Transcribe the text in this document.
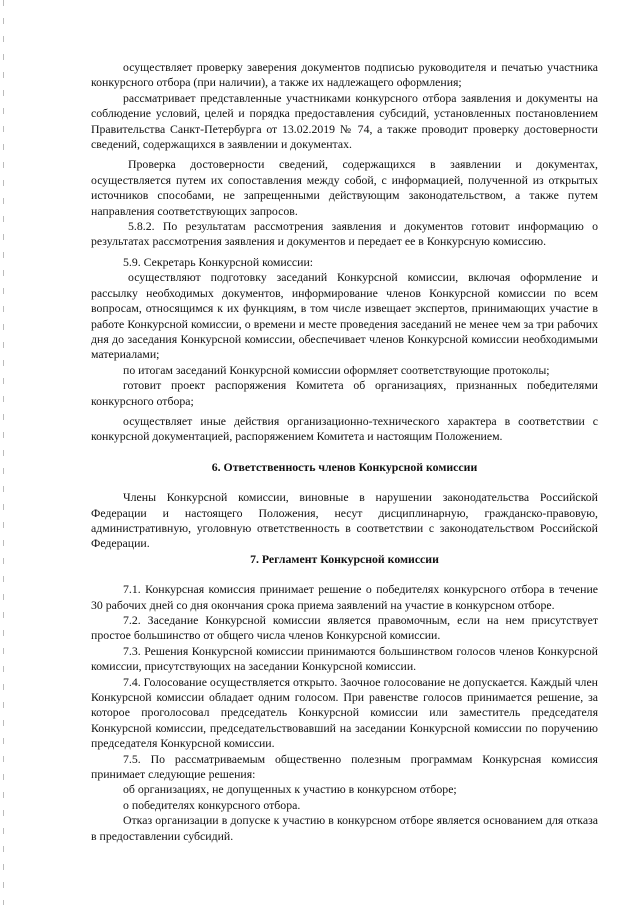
осуществляет проверку заверения документов подписью руководителя и печатью участника конкурсного отбора (при наличии), а также их надлежащего оформления;

рассматривает представленные участниками конкурсного отбора заявления и документы на соблюдение условий, целей и порядка предоставления субсидий, установленных постановлением Правительства Санкт-Петербурга от 13.02.2019 № 74, а также проводит проверку достоверности сведений, содержащихся в заявлении и документах.

Проверка достоверности сведений, содержащихся в заявлении и документах, осуществляется путем их сопоставления между собой, с информацией, полученной из открытых источников способами, не запрещенными действующим законодательством, а также путем направления соответствующих запросов.

5.8.2. По результатам рассмотрения заявления и документов готовит информацию о результатах рассмотрения заявления и документов и передает ее в Конкурсную комиссию.

5.9. Секретарь Конкурсной комиссии:

осуществляют подготовку заседаний Конкурсной комиссии, включая оформление и рассылку необходимых документов, информирование членов Конкурсной комиссии по всем вопросам, относящимся к их функциям, в том числе извещает экспертов, принимающих участие в работе Конкурсной комиссии, о времени и месте проведения заседаний не менее чем за три рабочих дня до заседания Конкурсной комиссии, обеспечивает членов Конкурсной комиссии необходимыми материалами;

по итогам заседаний Конкурсной комиссии оформляет соответствующие протоколы;

готовит проект распоряжения Комитета об организациях, признанных победителями конкурсного отбора;

осуществляет иные действия организационно-технического характера в соответствии с конкурсной документацией, распоряжением Комитета и настоящим Положением.

6. Ответственность членов Конкурсной комиссии

Члены Конкурсной комиссии, виновные в нарушении законодательства Российской Федерации и настоящего Положения, несут дисциплинарную, гражданско-правовую, административную, уголовную ответственность в соответствии с законодательством Российской Федерации.

7. Регламент Конкурсной комиссии

7.1. Конкурсная комиссия принимает решение о победителях конкурсного отбора в течение 30 рабочих дней со дня окончания срока приема заявлений на участие в конкурсном отборе.

7.2. Заседание Конкурсной комиссии является правомочным, если на нем присутствует простое большинство от общего числа членов Конкурсной комиссии.

7.3. Решения Конкурсной комиссии принимаются большинством голосов членов Конкурсной комиссии, присутствующих на заседании Конкурсной комиссии.

7.4. Голосование осуществляется открыто. Заочное голосование не допускается. Каждый член Конкурсной комиссии обладает одним голосом. При равенстве голосов принимается решение, за которое проголосовал председатель Конкурсной комиссии или заместитель председателя Конкурсной комиссии, председательствовавший на заседании Конкурсной комиссии по поручению председателя Конкурсной комиссии.

7.5. По рассматриваемым общественно полезным программам Конкурсная комиссия принимает следующие решения:

об организациях, не допущенных к участию в конкурсном отборе;

о победителях конкурсного отбора.

Отказ организации в допуске к участию в конкурсном отборе является основанием для отказа в предоставлении субсидий.
